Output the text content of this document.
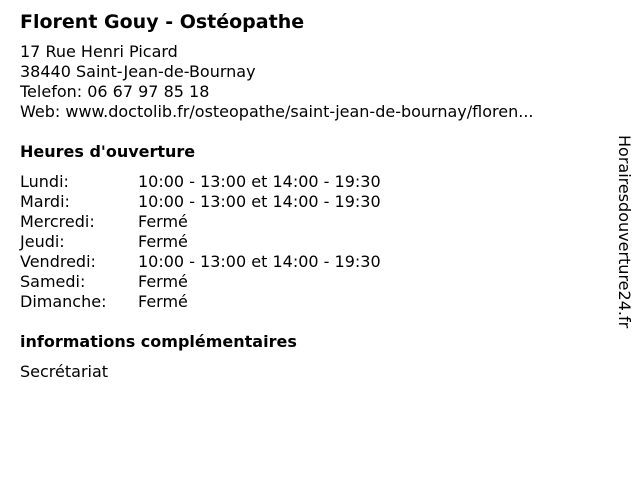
Florent Gouy - Ostéopathe
17 Rue Henri Picard
38440 Saint-Jean-de-Bournay
Telefon: 06 67 97 85 18
Web: www.doctolib.fr/osteopathe/saint-jean-de-bournay/floren...
Heures d'ouverture
Lundi:	10:00 - 13:00 et 14:00 - 19:30
Mardi:	10:00 - 13:00 et 14:00 - 19:30
Mercredi:	Fermé
Jeudi:	Fermé
Vendredi:	10:00 - 13:00 et 14:00 - 19:30
Samedi:	Fermé
Dimanche:	Fermé
informations complémentaires
Secrétariat
Horairesdouverture24.fr
